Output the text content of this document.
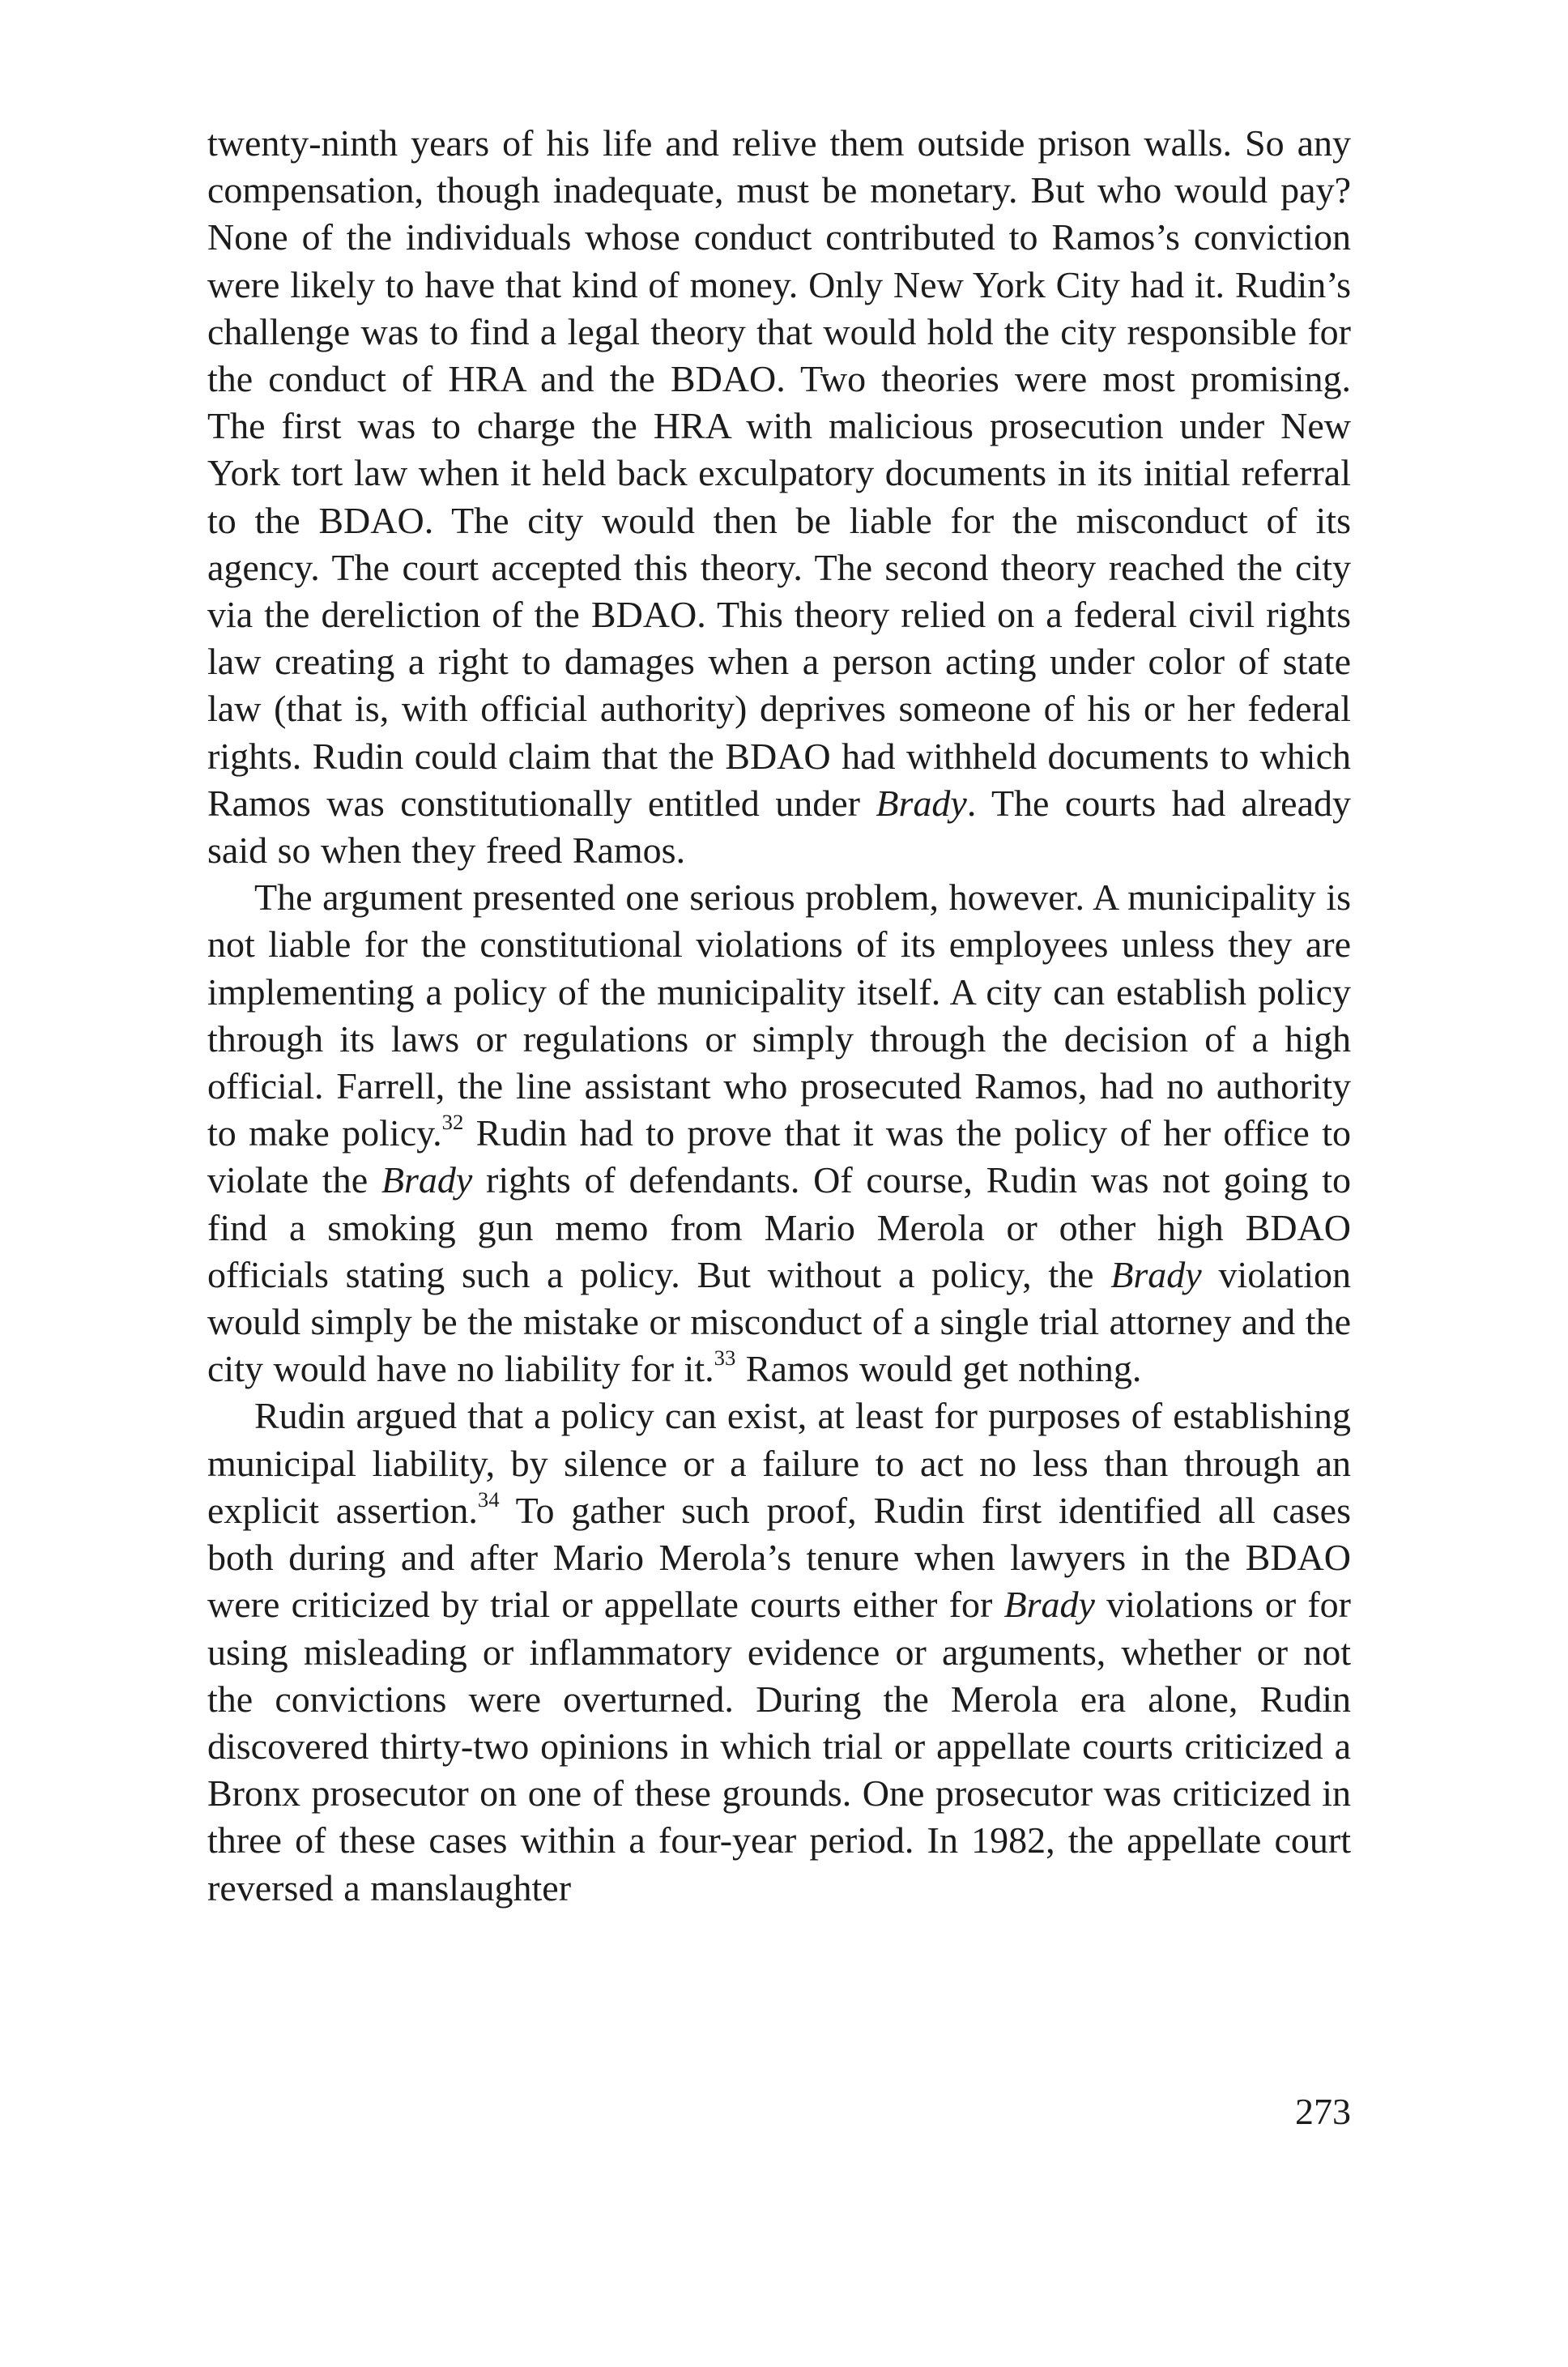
twenty-ninth years of his life and relive them outside prison walls. So any compensation, though inadequate, must be monetary. But who would pay? None of the individuals whose conduct contributed to Ramos’s conviction were likely to have that kind of money. Only New York City had it. Rudin’s challenge was to find a legal theory that would hold the city responsible for the conduct of HRA and the BDAO. Two theories were most promising. The first was to charge the HRA with malicious prosecution under New York tort law when it held back exculpatory documents in its initial referral to the BDAO. The city would then be liable for the misconduct of its agency. The court accepted this theory. The second theory reached the city via the dereliction of the BDAO. This theory relied on a federal civil rights law creating a right to damages when a person acting under color of state law (that is, with official authority) deprives someone of his or her federal rights. Rudin could claim that the BDAO had withheld documents to which Ramos was constitutionally entitled under Brady. The courts had already said so when they freed Ramos.

The argument presented one serious problem, however. A municipality is not liable for the constitutional violations of its employees unless they are implementing a policy of the municipality itself. A city can establish policy through its laws or regulations or simply through the decision of a high official. Farrell, the line assistant who prosecuted Ramos, had no authority to make policy.$^{32}$ Rudin had to prove that it was the policy of her office to violate the Brady rights of defendants. Of course, Rudin was not going to find a smoking gun memo from Mario Merola or other high BDAO officials stating such a policy. But without a policy, the Brady violation would simply be the mistake or misconduct of a single trial attorney and the city would have no liability for it.$^{33}$ Ramos would get nothing.

Rudin argued that a policy can exist, at least for purposes of establishing municipal liability, by silence or a failure to act no less than through an explicit assertion.$^{34}$ To gather such proof, Rudin first identified all cases both during and after Mario Merola’s tenure when lawyers in the BDAO were criticized by trial or appellate courts either for Brady violations or for using misleading or inflammatory evidence or arguments, whether or not the convictions were overturned. During the Merola era alone, Rudin discovered thirty-two opinions in which trial or appellate courts criticized a Bronx prosecutor on one of these grounds. One prosecutor was criticized in three of these cases within a four-year period. In 1982, the appellate court reversed a manslaughter

273
